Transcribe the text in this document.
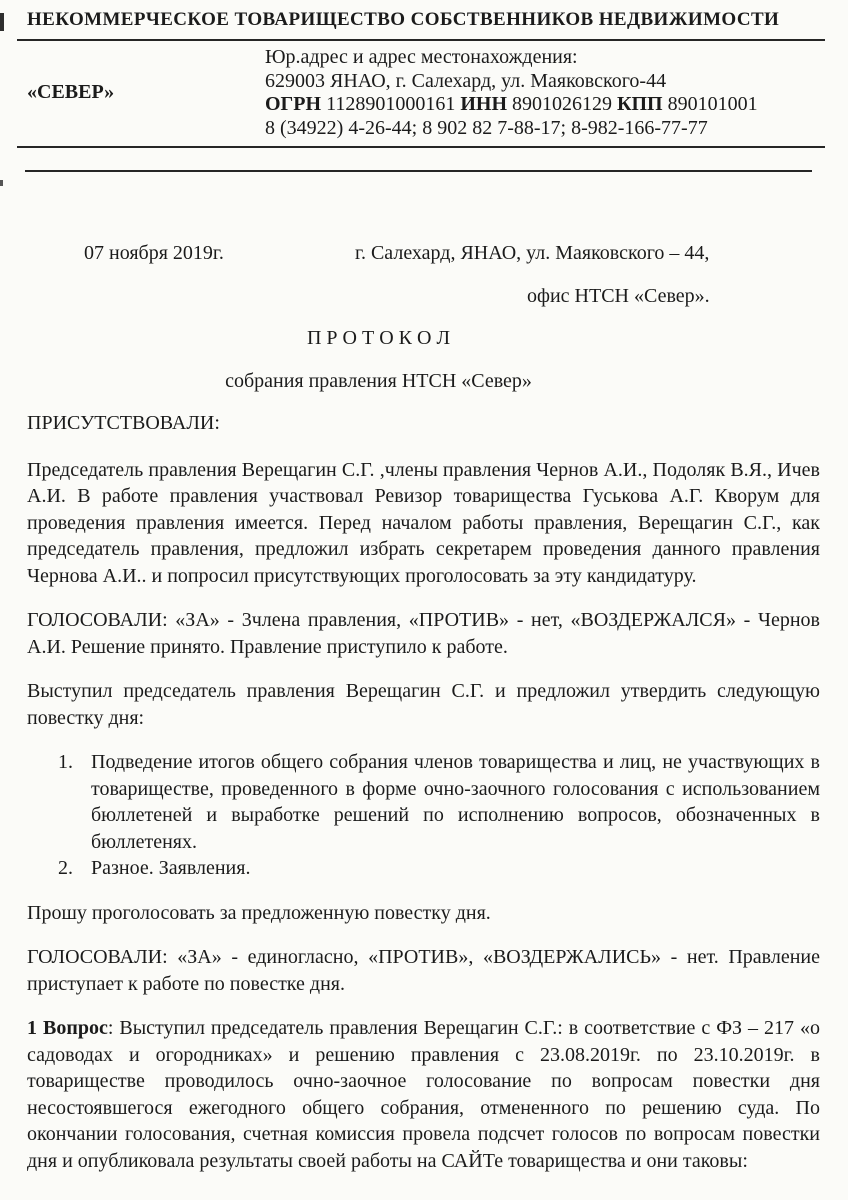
НЕКОММЕРЧЕСКОЕ ТОВАРИЩЕСТВО СОБСТВЕННИКОВ НЕДВИЖИМОСТИ
«СЕВЕР»
Юр.адрес и адрес местонахождения:
629003 ЯНАО, г. Салехард, ул. Маяковского-44
ОГРН 1128901000161 ИНН 8901026129 КПП 890101001
8 (34922) 4-26-44; 8 902 82 7-88-17; 8-982-166-77-77
07 ноября 2019г.	г. Салехард, ЯНАО, ул. Маяковского – 44,
офис НТСН «Север».
П Р О Т О К О Л
собрания правления НТСН «Север»
ПРИСУТСТВОВАЛИ:

Председатель правления Верещагин С.Г. ,члены правления Чернов А.И., Подоляк В.Я., Ичев А.И. В работе правления участвовал Ревизор товарищества Гуськова А.Г. Кворум для проведения правления имеется. Перед началом работы правления, Верещагин С.Г., как председатель правления, предложил избрать секретарем проведения данного правления Чернова А.И.. и попросил присутствующих проголосовать за эту кандидатуру.

ГОЛОСОВАЛИ: «ЗА» - 3члена правления, «ПРОТИВ» - нет, «ВОЗДЕРЖАЛСЯ» - Чернов А.И. Решение принято. Правление приступило к работе.

Выступил председатель правления Верещагин С.Г. и предложил утвердить следующую повестку дня:

Подведение итогов общего собрания членов товарищества и лиц, не участвующих в товариществе, проведенного в форме очно-заочного голосования с использованием бюллетеней и выработке решений по исполнению вопросов, обозначенных в бюллетенях.
Разное. Заявления.

Прошу проголосовать за предложенную повестку дня.

ГОЛОСОВАЛИ: «ЗА» - единогласно, «ПРОТИВ», «ВОЗДЕРЖАЛИСЬ» - нет. Правление приступает к работе по повестке дня.

1 Вопрос: Выступил председатель правления Верещагин С.Г.: в соответствие с ФЗ – 217 «о садоводах и огородниках» и решению правления с 23.08.2019г. по 23.10.2019г. в товариществе проводилось очно-заочное голосование по вопросам повестки дня несостоявшегося ежегодного общего собрания, отмененного по решению суда. По окончании голосования, счетная комиссия провела подсчет голосов по вопросам повестки дня и опубликовала результаты своей работы на САЙТе товарищества и они таковы:
